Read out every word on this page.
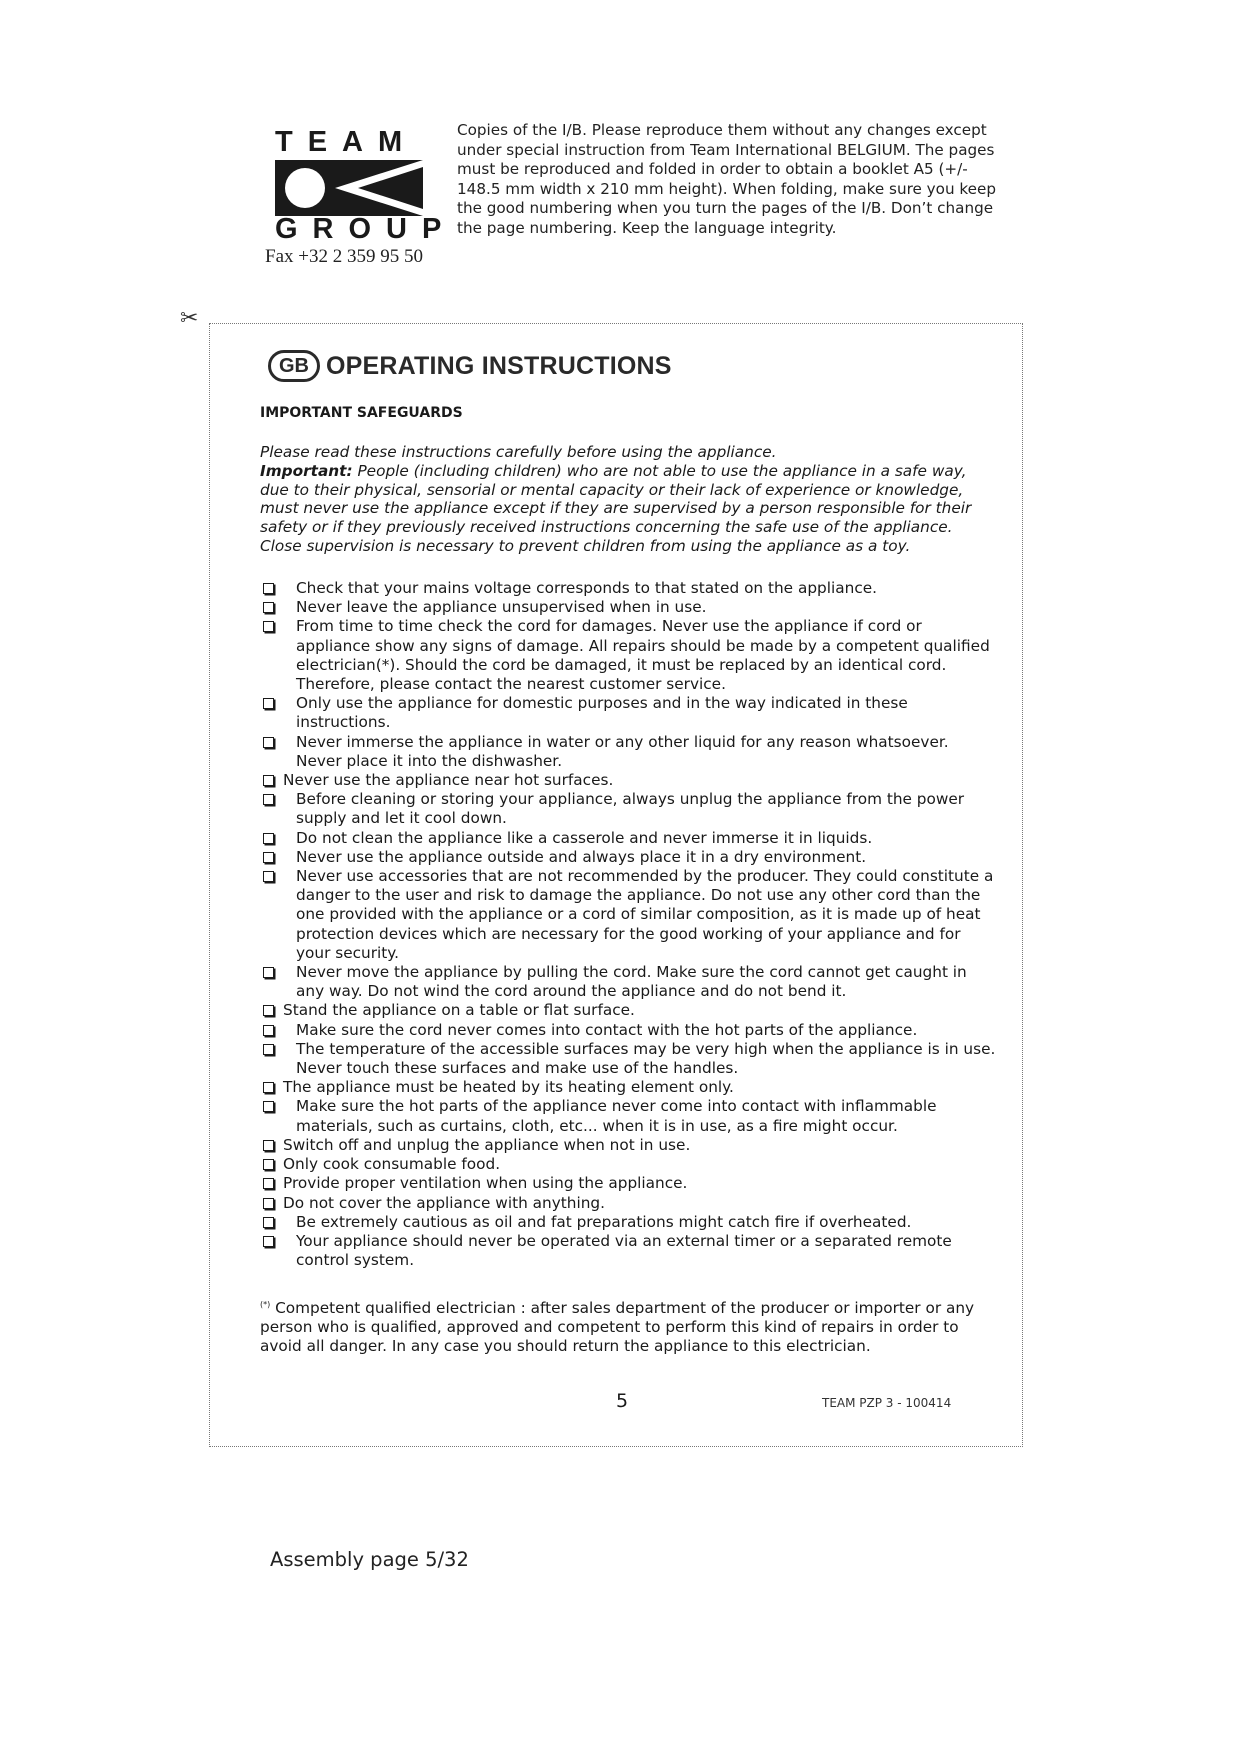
TEAM
GROUP
Fax +32 2 359 95 50

Copies of the I/B. Please reproduce them without any changes except under special instruction from Team International BELGIUM. The pages must be reproduced and folded in order to obtain a booklet A5 (+/- 148.5 mm width x 210 mm height). When folding, make sure you keep the good numbering when you turn the pages of the I/B. Don’t change the page numbering. Keep the language integrity.

✂
GB OPERATING INSTRUCTIONS
IMPORTANT SAFEGUARDS

Please read these instructions carefully before using the appliance.

Important: People (including children) who are not able to use the appliance in a safe way, due to their physical, sensorial or mental capacity or their lack of experience or knowledge, must never use the appliance except if they are supervised by a person responsible for their safety or if they previously received instructions concerning the safe use of the appliance. Close supervision is necessary to prevent children from using the appliance as a toy.

Check that your mains voltage corresponds to that stated on the appliance.
Never leave the appliance unsupervised when in use.
From time to time check the cord for damages. Never use the appliance if cord or appliance show any signs of damage. All repairs should be made by a competent qualified electrician(*). Should the cord be damaged, it must be replaced by an identical cord. Therefore, please contact the nearest customer service.
Only use the appliance for domestic purposes and in the way indicated in these instructions.
Never immerse the appliance in water or any other liquid for any reason whatsoever. Never place it into the dishwasher.
Never use the appliance near hot surfaces.
Before cleaning or storing your appliance, always unplug the appliance from the power supply and let it cool down.
Do not clean the appliance like a casserole and never immerse it in liquids.
Never use the appliance outside and always place it in a dry environment.
Never use accessories that are not recommended by the producer. They could constitute a danger to the user and risk to damage the appliance. Do not use any other cord than the one provided with the appliance or a cord of similar composition, as it is made up of heat protection devices which are necessary for the good working of your appliance and for your security.
Never move the appliance by pulling the cord. Make sure the cord cannot get caught in any way. Do not wind the cord around the appliance and do not bend it.
Stand the appliance on a table or flat surface.
Make sure the cord never comes into contact with the hot parts of the appliance.
The temperature of the accessible surfaces may be very high when the appliance is in use. Never touch these surfaces and make use of the handles.
The appliance must be heated by its heating element only.
Make sure the hot parts of the appliance never come into contact with inflammable materials, such as curtains, cloth, etc... when it is in use, as a fire might occur.
Switch off and unplug the appliance when not in use.
Only cook consumable food.
Provide proper ventilation when using the appliance.
Do not cover the appliance with anything.
Be extremely cautious as oil and fat preparations might catch fire if overheated.
Your appliance should never be operated via an external timer or a separated remote control system.
(*) Competent qualified electrician : after sales department of the producer or importer or any person who is qualified, approved and competent to perform this kind of repairs in order to avoid all danger. In any case you should return the appliance to this electrician.
5	TEAM PZP 3 - 100414
Assembly page 5/32
